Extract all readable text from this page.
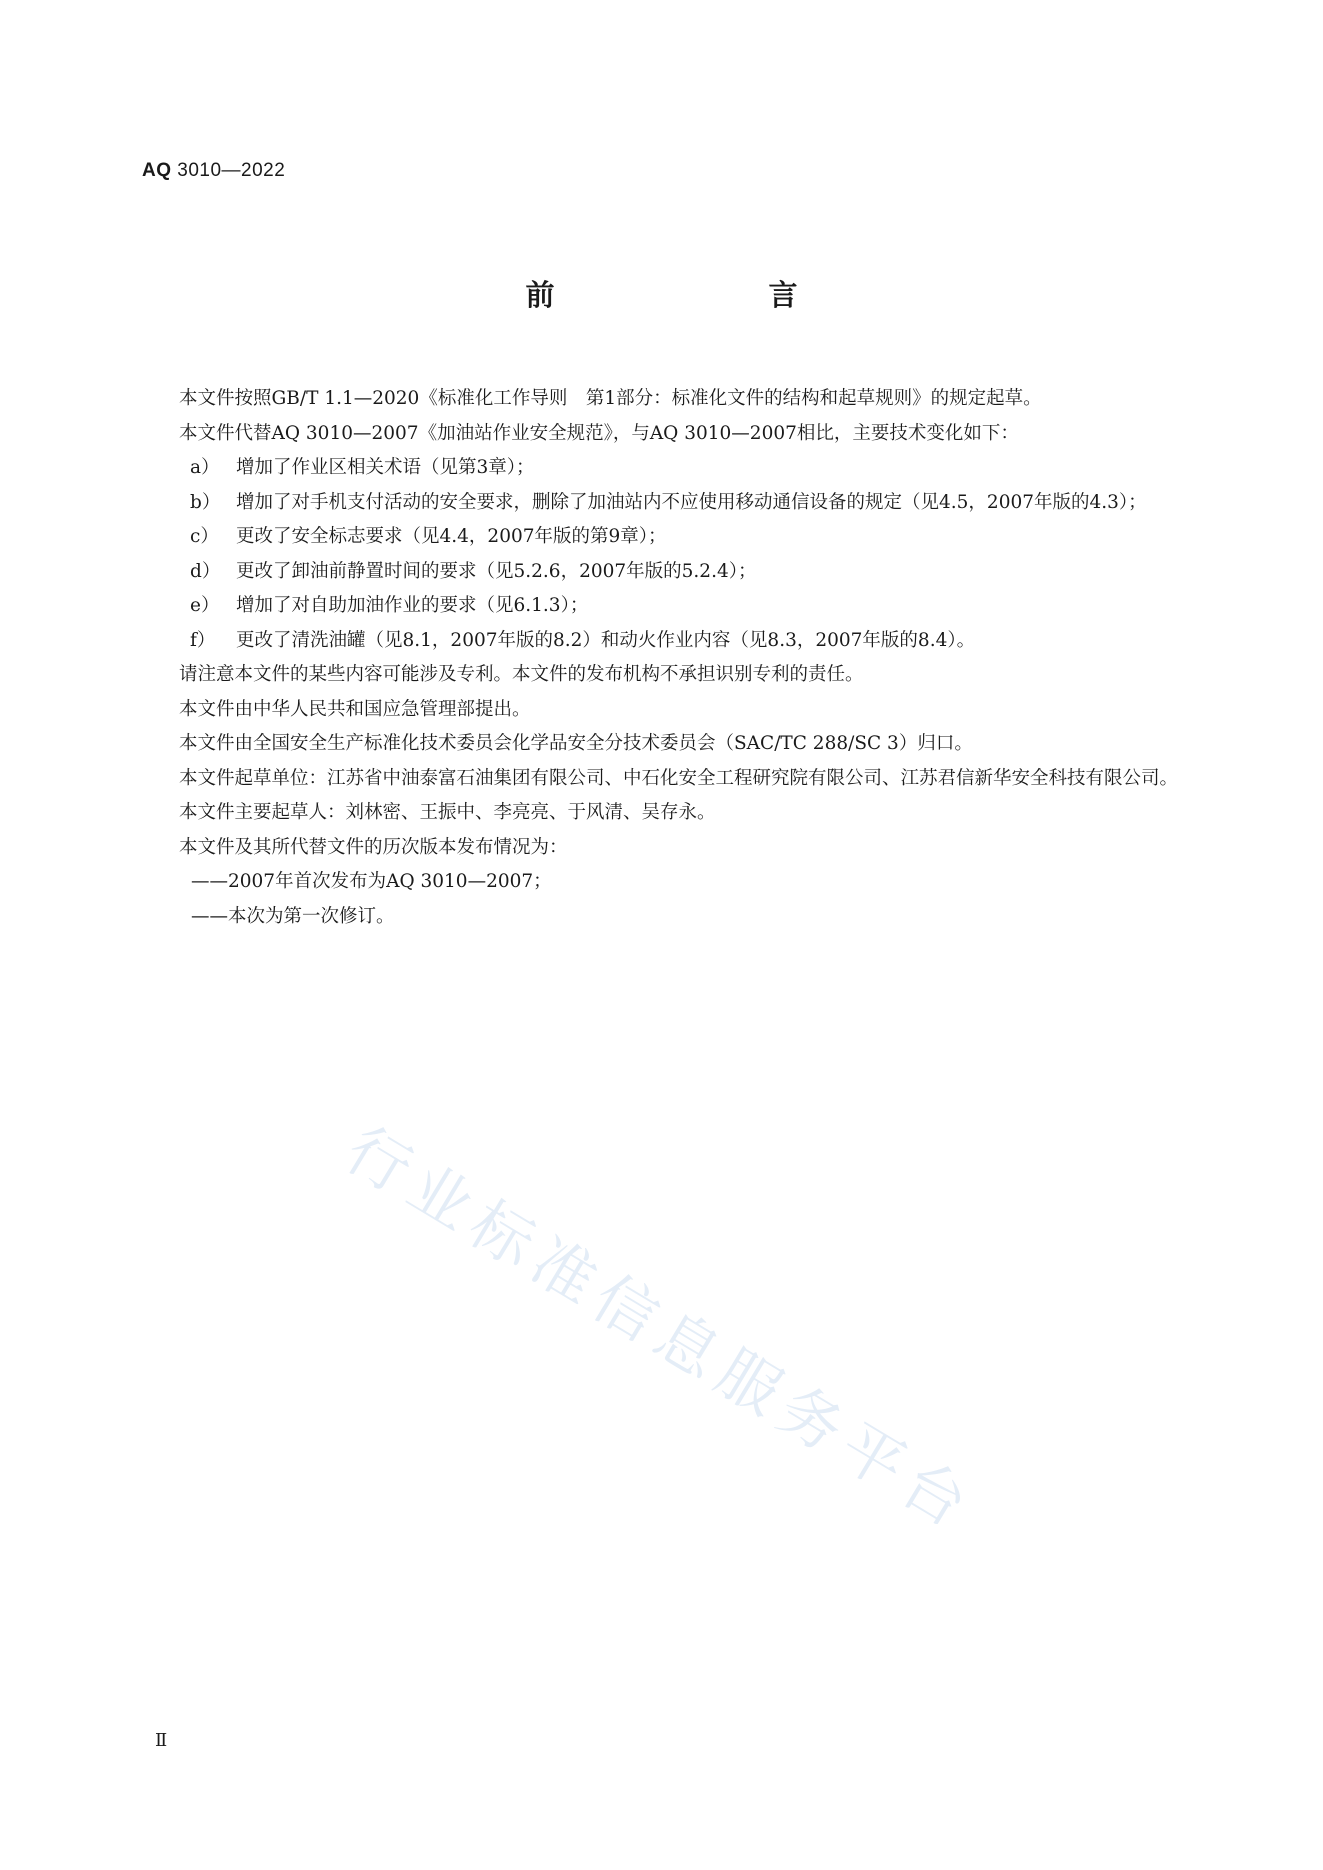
AQ 3010—2022
前　　言

本文件按照GB/T 1.1—2020《标准化工作导则　第1部分：标准化文件的结构和起草规则》的规定起草。

本文件代替AQ 3010—2007《加油站作业安全规范》，与AQ 3010—2007相比，主要技术变化如下：

a） 增加了作业区相关术语（见第3章）；

b） 增加了对手机支付活动的安全要求，删除了加油站内不应使用移动通信设备的规定（见4.5，2007年版的4.3）；

c） 更改了安全标志要求（见4.4，2007年版的第9章）；

d） 更改了卸油前静置时间的要求（见5.2.6，2007年版的5.2.4）；

e） 增加了对自助加油作业的要求（见6.1.3）；

f） 更改了清洗油罐（见8.1，2007年版的8.2）和动火作业内容（见8.3，2007年版的8.4）。

请注意本文件的某些内容可能涉及专利。本文件的发布机构不承担识别专利的责任。

本文件由中华人民共和国应急管理部提出。

本文件由全国安全生产标准化技术委员会化学品安全分技术委员会（SAC/TC 288/SC 3）归口。

本文件起草单位：江苏省中油泰富石油集团有限公司、中石化安全工程研究院有限公司、江苏君信新华安全科技有限公司。

本文件主要起草人：刘林密、王振中、李亮亮、于风清、吴存永。

本文件及其所代替文件的历次版本发布情况为：

——2007年首次发布为AQ 3010—2007；

——本次为第一次修订。

行业标准信息服务平台
Ⅱ
